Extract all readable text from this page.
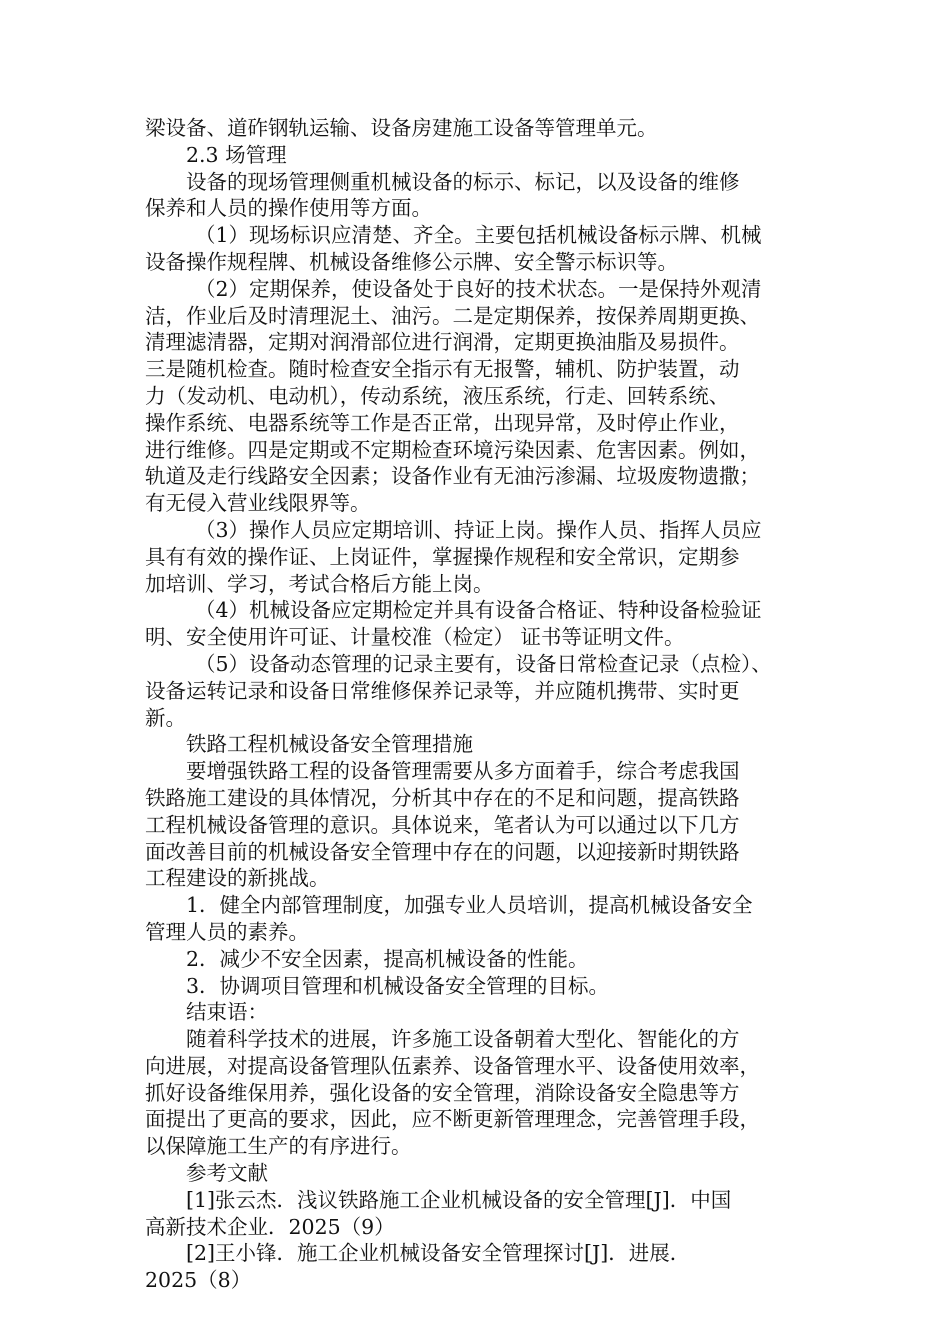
梁设备、道砟钢轨运输、设备房建施工设备等管理单元。
2.3 场管理
设备的现场管理侧重机械设备的标示、标记，以及设备的维修
保养和人员的操作使用等方面。
（1）现场标识应清楚、齐全。主要包括机械设备标示牌、机械
设备操作规程牌、机械设备维修公示牌、安全警示标识等。
（2）定期保养，使设备处于良好的技术状态。一是保持外观清
洁，作业后及时清理泥土、油污。二是定期保养，按保养周期更换、
清理滤清器，定期对润滑部位进行润滑，定期更换油脂及易损件。
三是随机检查。随时检查安全指示有无报警，辅机、防护装置，动
力（发动机、电动机），传动系统，液压系统，行走、回转系统、
操作系统、电器系统等工作是否正常，出现异常，及时停止作业，
进行维修。四是定期或不定期检查环境污染因素、危害因素。例如，
轨道及走行线路安全因素；设备作业有无油污渗漏、垃圾废物遗撒；
有无侵入营业线限界等。
（3）操作人员应定期培训、持证上岗。操作人员、指挥人员应
具有有效的操作证、上岗证件，掌握操作规程和安全常识，定期参
加培训、学习，考试合格后方能上岗。
（4）机械设备应定期检定并具有设备合格证、特种设备检验证
明、安全使用许可证、计量校准（检定） 证书等证明文件。
（5）设备动态管理的记录主要有，设备日常检查记录（点检）、
设备运转记录和设备日常维修保养记录等，并应随机携带、实时更
新。
铁路工程机械设备安全管理措施
要增强铁路工程的设备管理需要从多方面着手，综合考虑我国
铁路施工建设的具体情况，分析其中存在的不足和问题，提高铁路
工程机械设备管理的意识。具体说来，笔者认为可以通过以下几方
面改善目前的机械设备安全管理中存在的问题，以迎接新时期铁路
工程建设的新挑战。
1．健全内部管理制度，加强专业人员培训，提高机械设备安全
管理人员的素养。
2．减少不安全因素，提高机械设备的性能。
3．协调项目管理和机械设备安全管理的目标。
结束语：
随着科学技术的进展，许多施工设备朝着大型化、智能化的方
向进展，对提高设备管理队伍素养、设备管理水平、设备使用效率，
抓好设备维保用养，强化设备的安全管理，消除设备安全隐患等方
面提出了更高的要求，因此，应不断更新管理理念，完善管理手段，
以保障施工生产的有序进行。
参考文献
[1]张云杰．浅议铁路施工企业机械设备的安全管理[J]．中国
高新技术企业．2025（9）
[2]王小锋．施工企业机械设备安全管理探讨[J]．进展．
2025（8）
